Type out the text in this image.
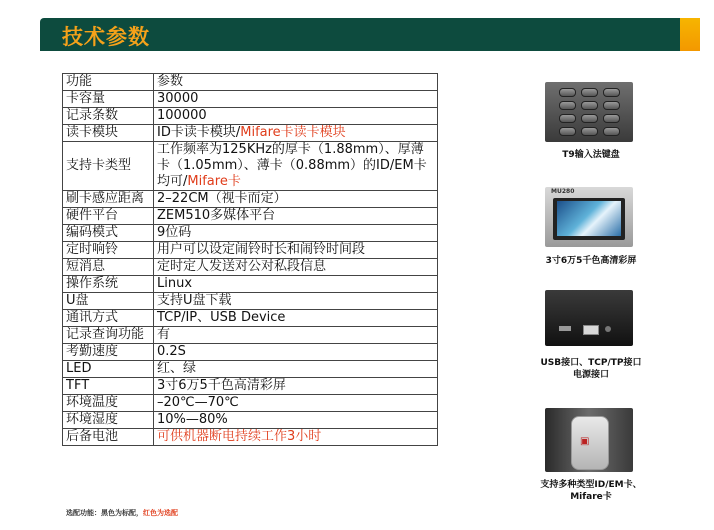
技术参数
功能	参数
卡容量	30000
记录条数	100000
读卡模块	ID卡读卡模块/Mifare卡读卡模块
支持卡类型	工作频率为125KHz的厚卡（1.88mm）、厚薄卡（1.05mm）、薄卡（0.88mm）的ID/EM卡均可/Mifare卡
刷卡感应距离	2–22CM（视卡而定）
硬件平台	ZEM510多媒体平台
编码模式	9位码
定时响铃	用户可以设定闹铃时长和闹铃时间段
短消息	定时定人发送对公对私段信息
操作系统	Linux
U盘	支持U盘下载
通讯方式	TCP/IP、USB Device
记录查询功能	有
考勤速度	0.2S
LED	红、绿
TFT	3寸6万5千色高清彩屏
环境温度	–20℃—70℃
环境湿度	10%—80%
后备电池	可供机器断电持续工作3小时
选配功能：黑色为标配，红色为选配
T9输入法键盘
MU280
3寸6万5千色高清彩屏
USB接口、TCP/TP接口
电源接口
▣
支持多种类型ID/EM卡、
Mifare卡
